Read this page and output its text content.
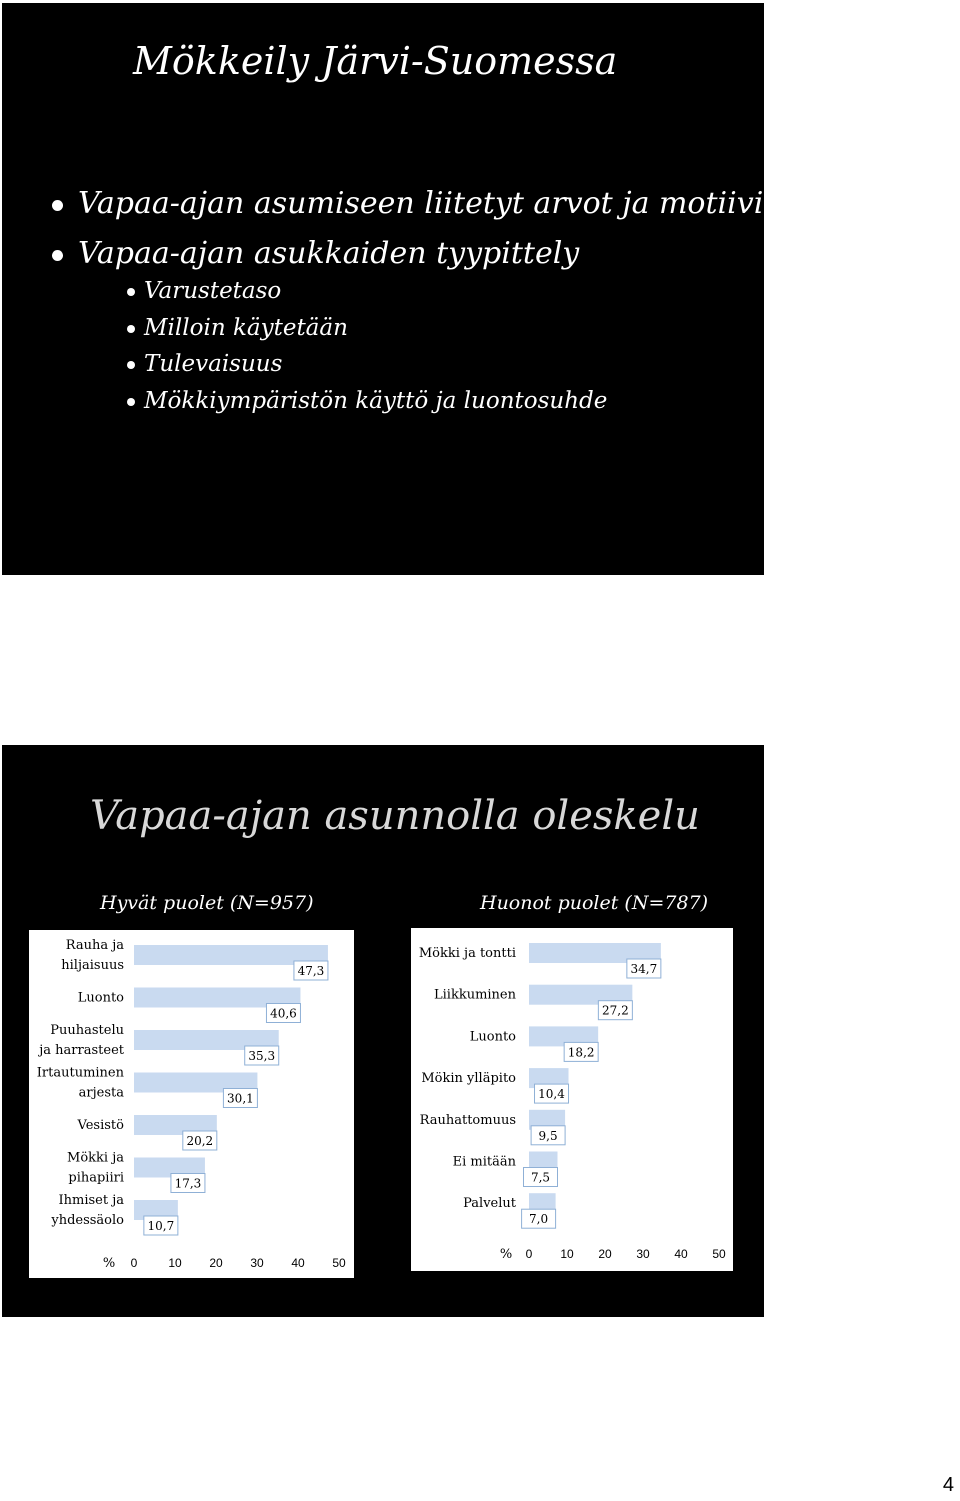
Mökkeily Järvi-Suomessa
Vapaa-ajan asumiseen liitetyt arvot ja motiivit
Vapaa-ajan asukkaiden tyypittely
Varustetaso
Milloin käytetään
Tulevaisuus
Mökkiympäristön käyttö ja luontosuhde
Vapaa-ajan asunnolla oleskelu
Hyvät puolet (N=957)	Huonot puolet (N=787)
Rauha ja
hiljaisuus	47,3
Luonto
40,6
Puuhastelu
ja harrasteet	35,3
Irtautuminen
arjesta	30,1
Vesistö
20,2
Mökki ja
pihapiiri	17,3
Ihmiset ja
yhdessäolo 10,7
% 0	10 20 30 40 50
Mökki ja tontti
34,7
Liikkuminen
27,2
Luonto
18,2
Mökin ylläpito
10,4
Rauhattomuus
9,5
Ei mitään
7,5
Palvelut
7,0
% 0 10 20 30 40 50
4
